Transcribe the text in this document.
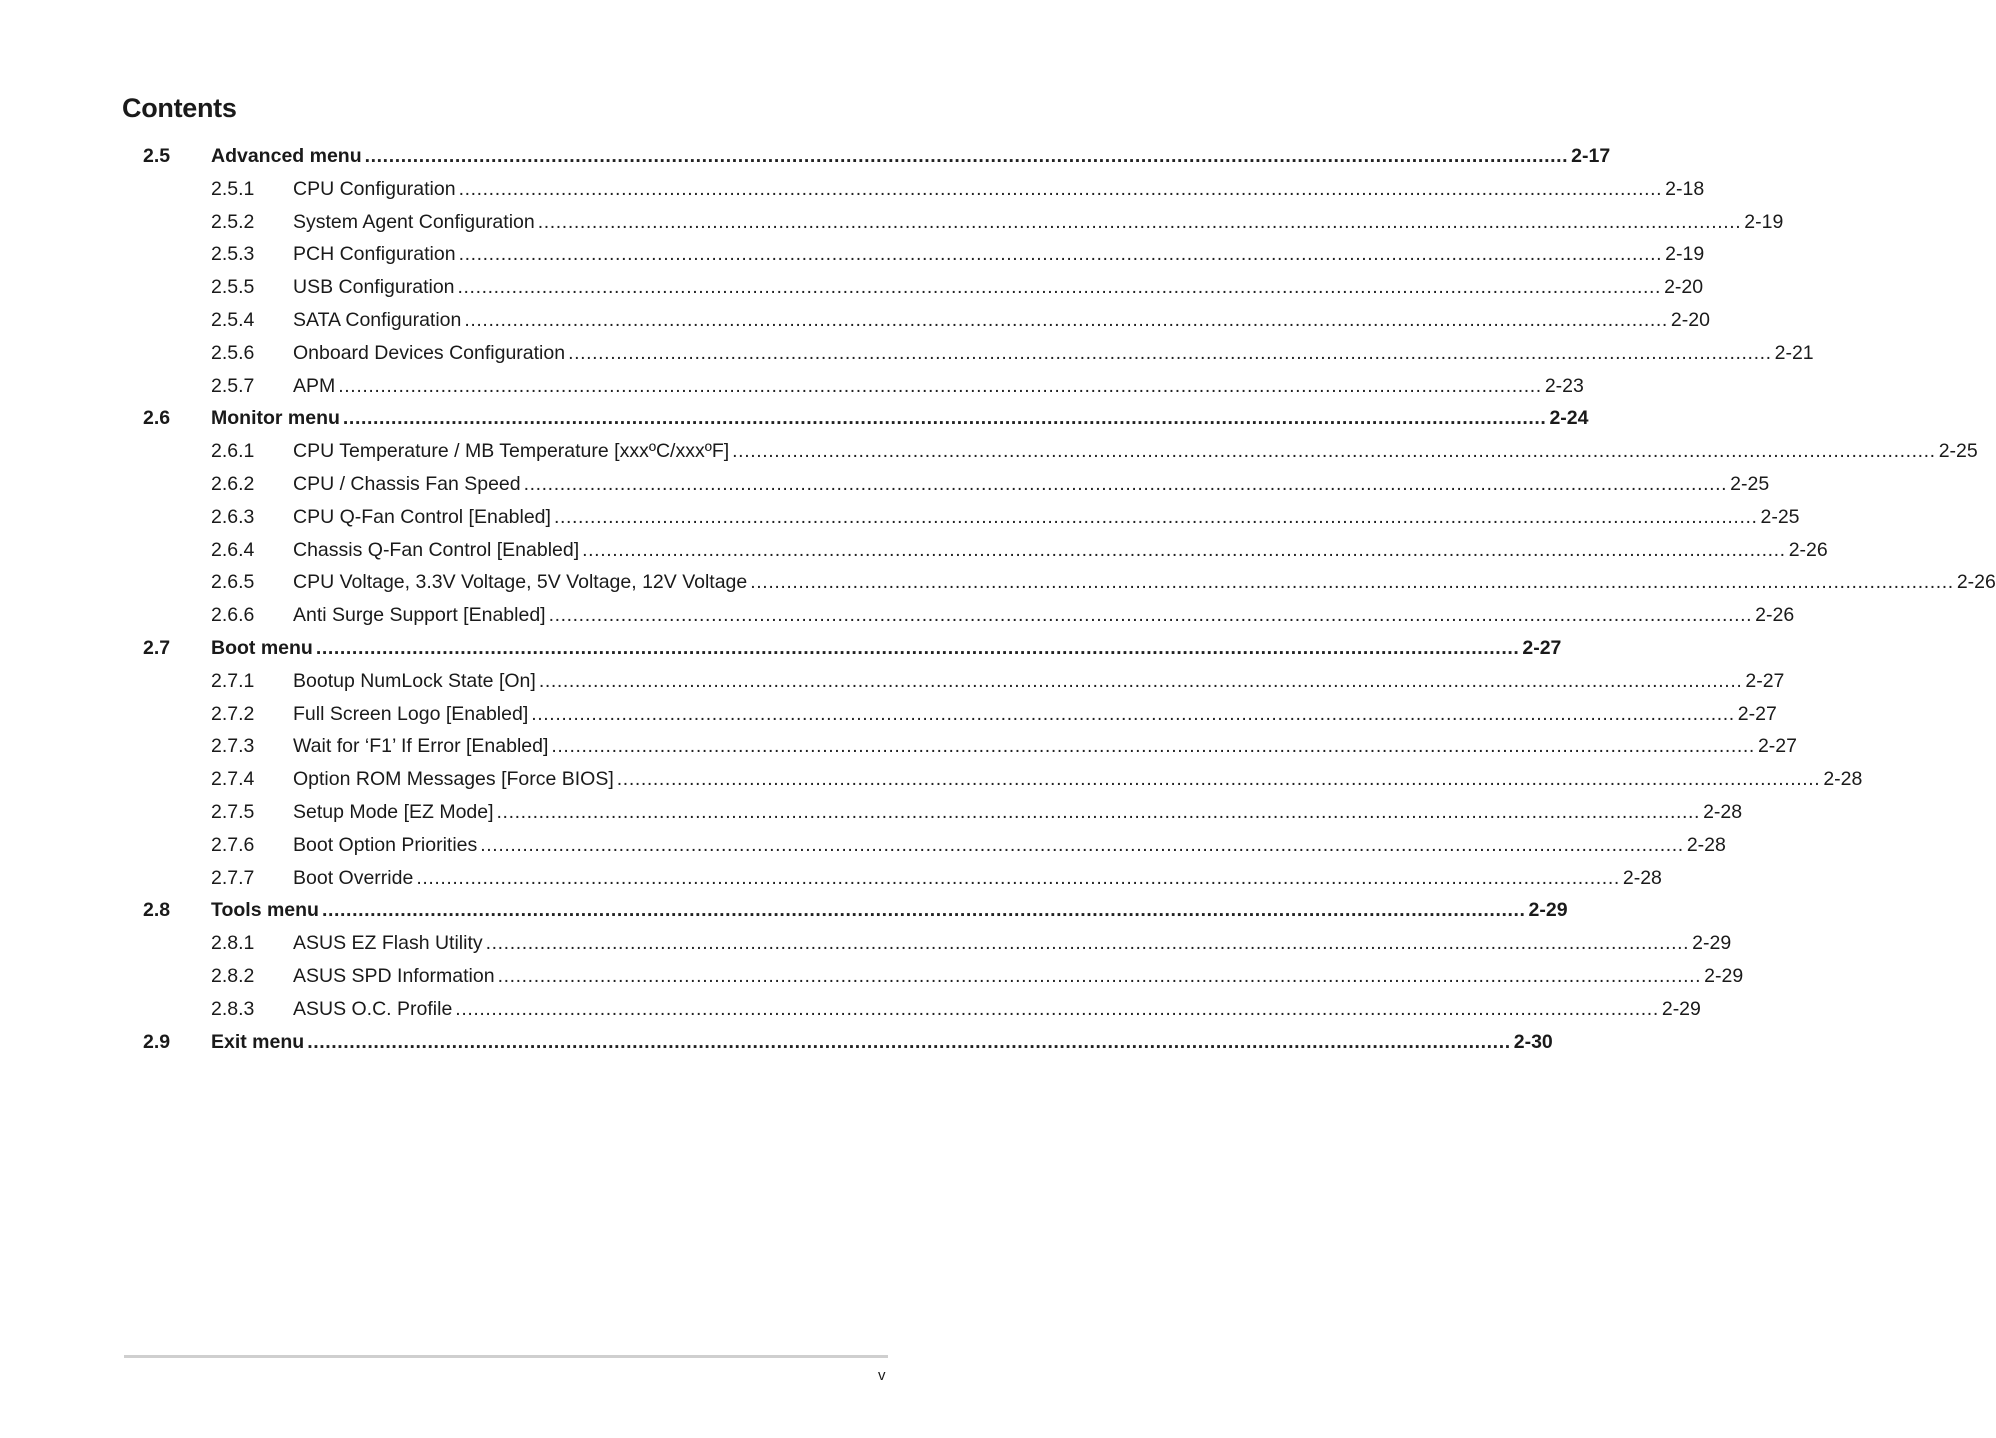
Contents
2.5 Advanced menu ........................................................................................................................................................................................................ 2-17
2.5.1 CPU Configuration ........................................................................................................................................................................................................ 2-18
2.5.2 System Agent Configuration ........................................................................................................................................................................................................ 2-19
2.5.3 PCH Configuration ........................................................................................................................................................................................................ 2-19
2.5.5 USB Configuration ........................................................................................................................................................................................................ 2-20
2.5.4 SATA Configuration ........................................................................................................................................................................................................ 2-20
2.5.6 Onboard Devices Configuration ........................................................................................................................................................................................................ 2-21
2.5.7 APM ........................................................................................................................................................................................................ 2-23
2.6 Monitor menu ........................................................................................................................................................................................................ 2-24
2.6.1 CPU Temperature / MB Temperature [xxxºC/xxxºF] ........................................................................................................................................................................................................ 2-25
2.6.2 CPU / Chassis Fan Speed ........................................................................................................................................................................................................ 2-25
2.6.3 CPU Q-Fan Control [Enabled] ........................................................................................................................................................................................................ 2-25
2.6.4 Chassis Q-Fan Control [Enabled] ........................................................................................................................................................................................................ 2-26
2.6.5 CPU Voltage, 3.3V Voltage, 5V Voltage, 12V Voltage ........................................................................................................................................................................................................ 2-26
2.6.6 Anti Surge Support [Enabled] ........................................................................................................................................................................................................ 2-26
2.7 Boot menu ........................................................................................................................................................................................................ 2-27
2.7.1 Bootup NumLock State [On] ........................................................................................................................................................................................................ 2-27
2.7.2 Full Screen Logo [Enabled] ........................................................................................................................................................................................................ 2-27
2.7.3 Wait for ‘F1’ If Error [Enabled] ........................................................................................................................................................................................................ 2-27
2.7.4 Option ROM Messages [Force BIOS] ........................................................................................................................................................................................................ 2-28
2.7.5 Setup Mode [EZ Mode] ........................................................................................................................................................................................................ 2-28
2.7.6 Boot Option Priorities ........................................................................................................................................................................................................ 2-28
2.7.7 Boot Override ........................................................................................................................................................................................................ 2-28
2.8 Tools menu ........................................................................................................................................................................................................ 2-29
2.8.1 ASUS EZ Flash Utility ........................................................................................................................................................................................................ 2-29
2.8.2 ASUS SPD Information ........................................................................................................................................................................................................ 2-29
2.8.3 ASUS O.C. Profile ........................................................................................................................................................................................................ 2-29
2.9 Exit menu ........................................................................................................................................................................................................ 2-30
v
